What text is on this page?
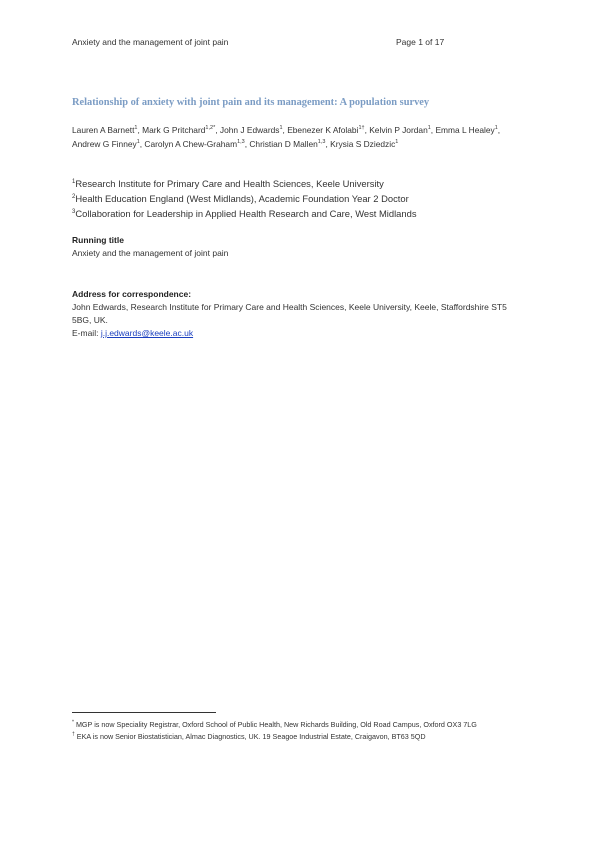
Anxiety and the management of joint pain	Page 1 of 17
Relationship of anxiety with joint pain and its management: A population survey
Lauren A Barnett$^1$, Mark G Pritchard$^{1,2*}$, John J Edwards$^1$, Ebenezer K Afolabi$^{1\dagger}$, Kelvin P Jordan$^1$, Emma L Healey$^1$, Andrew G Finney$^1$, Carolyn A Chew-Graham$^{1,3}$, Christian D Mallen$^{1,3}$, Krysia S Dziedzic$^1$
$^1$Research Institute for Primary Care and Health Sciences, Keele University
$^2$Health Education England (West Midlands), Academic Foundation Year 2 Doctor
$^3$Collaboration for Leadership in Applied Health Research and Care, West Midlands
Running title
Anxiety and the management of joint pain
Address for correspondence:
John Edwards, Research Institute for Primary Care and Health Sciences, Keele University, Keele, Staffordshire ST5 5BG, UK.
E-mail: j.j.edwards@keele.ac.uk
* MGP is now Speciality Registrar, Oxford School of Public Health, New Richards Building, Old Road Campus, Oxford OX3 7LG
† EKA is now Senior Biostatistician, Almac Diagnostics, UK. 19 Seagoe Industrial Estate, Craigavon, BT63 5QD
